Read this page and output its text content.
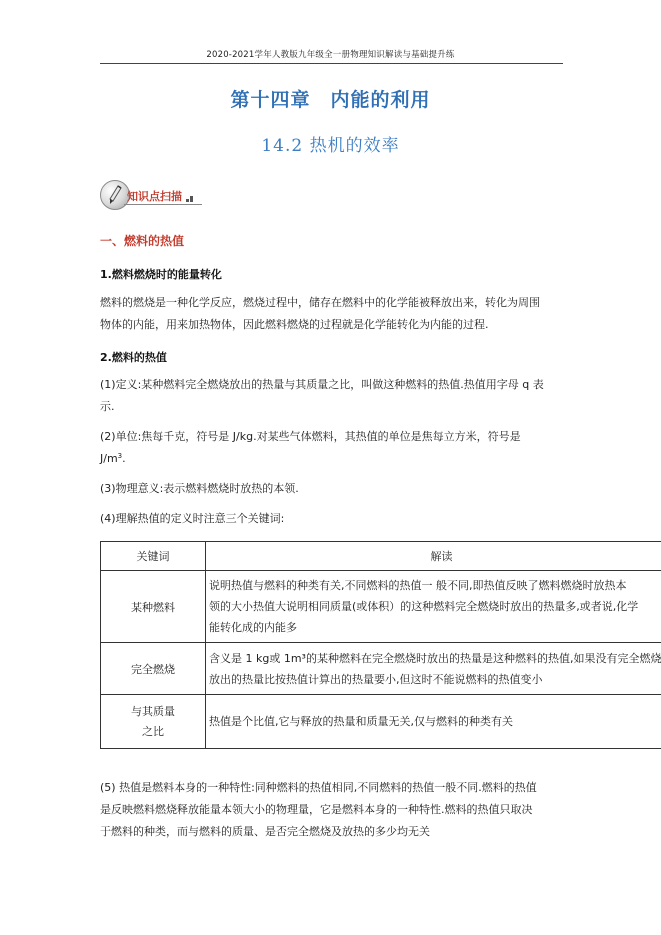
2020-2021学年人教版九年级全一册物理知识解读与基础提升练
第十四章　内能的利用
14.2 热机的效率
知识点扫描
一、燃料的热值
1.燃料燃烧时的能量转化
燃料的燃烧是一种化学反应，燃烧过程中，储存在燃料中的化学能被释放出来，转化为周围
物体的内能，用来加热物体，因此燃料燃烧的过程就是化学能转化为内能的过程.
2.燃料的热值
(1)定义:某种燃料完全燃烧放出的热量与其质量之比，叫做这种燃料的热值.热值用字母 q 表
示.
(2)单位:焦每千克，符号是 J/kg.对某些气体燃料，其热值的单位是焦每立方米，符号是
$J/m^3$.
(3)物理意义:表示燃料燃烧时放热的本领.
(4)理解热值的定义时注意三个关键词:
关键词	解读

某种燃料	说明热值与燃料的种类有关,不同燃料的热值一 般不同,即热值反映了燃料燃烧时放热本
领的大小热值大说明相同质量(或体积）的这种燃料完全燃烧时放出的热量多,或者说,化学
能转化成的内能多

完全燃烧	含义是 1 kg或 1m³的某种燃料在完全燃烧时放出的热量是这种燃料的热值,如果没有完全燃烧
放出的热量比按热值计算出的热量要小,但这时不能说燃料的热值变小

与其质量
之比	热值是个比值,它与释放的热量和质量无关,仅与燃料的种类有关
(5) 热值是燃料本身的一种特性:同种燃料的热值相同,不同燃料的热值一般不同.燃料的热值
是反映燃料燃烧释放能量本领大小的物理量，它是燃料本身的一种特性.燃料的热值只取决
于燃料的种类，而与燃料的质量、是否完全燃烧及放热的多少均无关
